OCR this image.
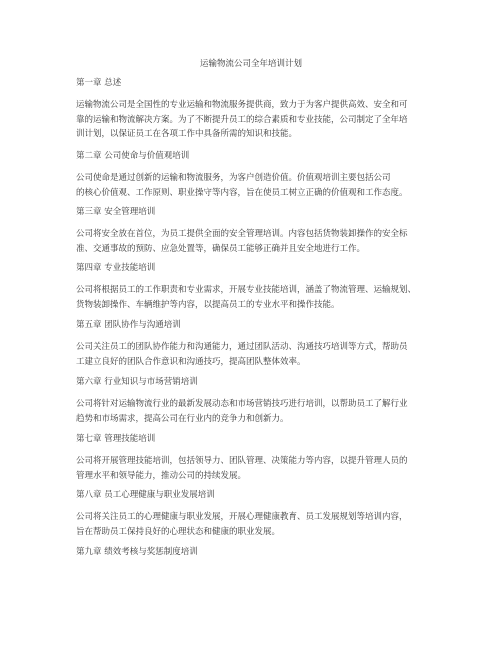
运输物流公司全年培训计划
第一章 总述
运输物流公司是全国性的专业运输和物流服务提供商，致力于为客户提供高效、安全和可
靠的运输和物流解决方案。为了不断提升员工的综合素质和专业技能，公司制定了全年培
训计划，以保证员工在各项工作中具备所需的知识和技能。
第二章 公司使命与价值观培训
公司使命是通过创新的运输和物流服务，为客户创造价值。价值观培训主要包括公司
的核心价值观、工作原则、职业操守等内容，旨在使员工树立正确的价值观和工作态度。
第三章 安全管理培训
公司将安全放在首位，为员工提供全面的安全管理培训。内容包括货物装卸操作的安全标
准、交通事故的预防、应急处置等，确保员工能够正确并且安全地进行工作。
第四章 专业技能培训
公司将根据员工的工作职责和专业需求，开展专业技能培训，涵盖了物流管理、运输规划、
货物装卸操作、车辆维护等内容，以提高员工的专业水平和操作技能。
第五章 团队协作与沟通培训
公司关注员工的团队协作能力和沟通能力，通过团队活动、沟通技巧培训等方式，帮助员
工建立良好的团队合作意识和沟通技巧，提高团队整体效率。
第六章 行业知识与市场营销培训
公司将针对运输物流行业的最新发展动态和市场营销技巧进行培训，以帮助员工了解行业
趋势和市场需求，提高公司在行业内的竞争力和创新力。
第七章 管理技能培训
公司将开展管理技能培训，包括领导力、团队管理、决策能力等内容，以提升管理人员的
管理水平和领导能力，推动公司的持续发展。
第八章 员工心理健康与职业发展培训
公司将关注员工的心理健康与职业发展，开展心理健康教育、员工发展规划等培训内容，
旨在帮助员工保持良好的心理状态和健康的职业发展。
第九章 绩效考核与奖惩制度培训
